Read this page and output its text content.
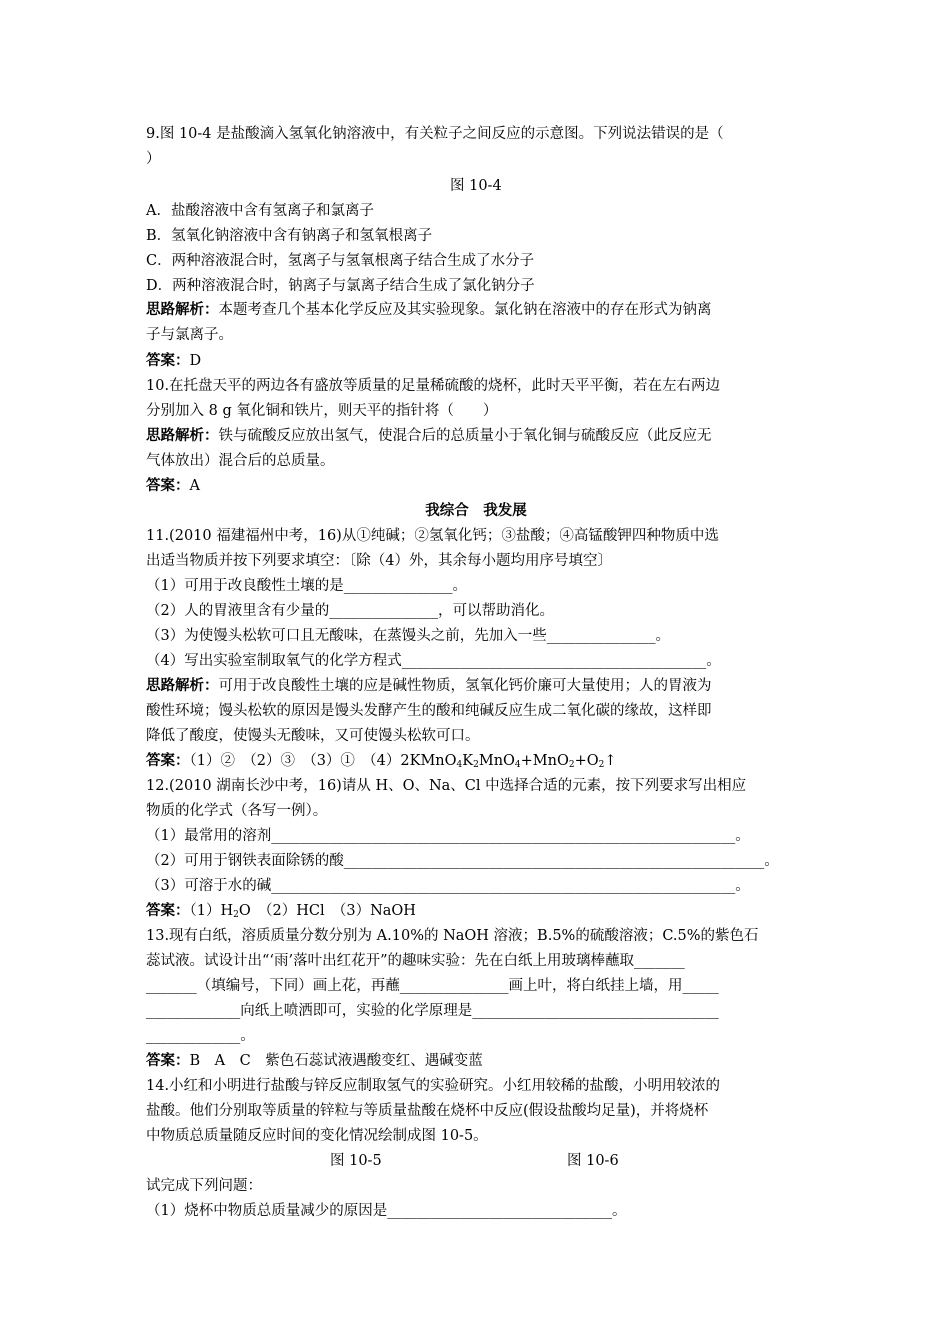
9.图 10-4 是盐酸滴入氢氧化钠溶液中，有关粒子之间反应的示意图。下列说法错误的是（
）
图 10-4
A．盐酸溶液中含有氢离子和氯离子
B．氢氧化钠溶液中含有钠离子和氢氧根离子
C．两种溶液混合时，氢离子与氢氧根离子结合生成了水分子
D．两种溶液混合时，钠离子与氯离子结合生成了氯化钠分子
思路解析：本题考查几个基本化学反应及其实验现象。氯化钠在溶液中的存在形式为钠离
子与氯离子。
答案：D
10.在托盘天平的两边各有盛放等质量的足量稀硫酸的烧杯，此时天平平衡，若在左右两边
分别加入 8 g 氧化铜和铁片，则天平的指针将（　　）
思路解析：铁与硫酸反应放出氢气，使混合后的总质量小于氧化铜与硫酸反应（此反应无
气体放出）混合后的总质量。
答案：A
我综合　我发展
11.(2010 福建福州中考，16)从①纯碱；②氢氧化钙；③盐酸；④高锰酸钾四种物质中选
出适当物质并按下列要求填空：〔除（4）外，其余每小题均用序号填空〕
（1）可用于改良酸性土壤的是_______________。
（2）人的胃液里含有少量的_______________，可以帮助消化。
（3）为使馒头松软可口且无酸味，在蒸馒头之前，先加入一些_______________。
（4）写出实验室制取氧气的化学方程式__________________________________________。
思路解析：可用于改良酸性土壤的应是碱性物质，氢氧化钙价廉可大量使用；人的胃液为
酸性环境；馒头松软的原因是馒头发酵产生的酸和纯碱反应生成二氧化碳的缘故，这样即
降低了酸度，使馒头无酸味，又可使馒头松软可口。
答案：（1）②　（2）③　（3）①　$(4)2KMnO_4K_2MnO_4+MnO_2+O_2↑$
12.(2010 湖南长沙中考，16)请从 H、O、Na、Cl 中选择合适的元素，按下列要求写出相应
物质的化学式（各写一例）。
（1）最常用的溶剂________________________________________________________________。
（2）可用于钢铁表面除锈的酸__________________________________________________________。
（3）可溶于水的碱________________________________________________________________。
答案：$(1)H_2O$　（2）HCl　（3）NaOH
13.现有白纸，溶质质量分数分别为 A.10%的 NaOH 溶液；B.5%的硫酸溶液；C.5%的紫色石
蕊试液。试设计出“‘雨’落叶出红花开”的趣味实验：先在白纸上用玻璃棒蘸取_______
_______（填编号，下同）画上花，再蘸_______________画上叶，将白纸挂上墙，用_____
_____________向纸上喷洒即可，实验的化学原理是__________________________________
_____________。
答案：B　A　C　紫色石蕊试液遇酸变红、遇碱变蓝
14.小红和小明进行盐酸与锌反应制取氢气的实验研究。小红用较稀的盐酸，小明用较浓的
盐酸。他们分别取等质量的锌粒与等质量盐酸在烧杯中反应(假设盐酸均足量)，并将烧杯
中物质总质量随反应时间的变化情况绘制成图 10-5。
图 10-5	图 10-6
试完成下列问题：
（1）烧杯中物质总质量减少的原因是_______________________________。
